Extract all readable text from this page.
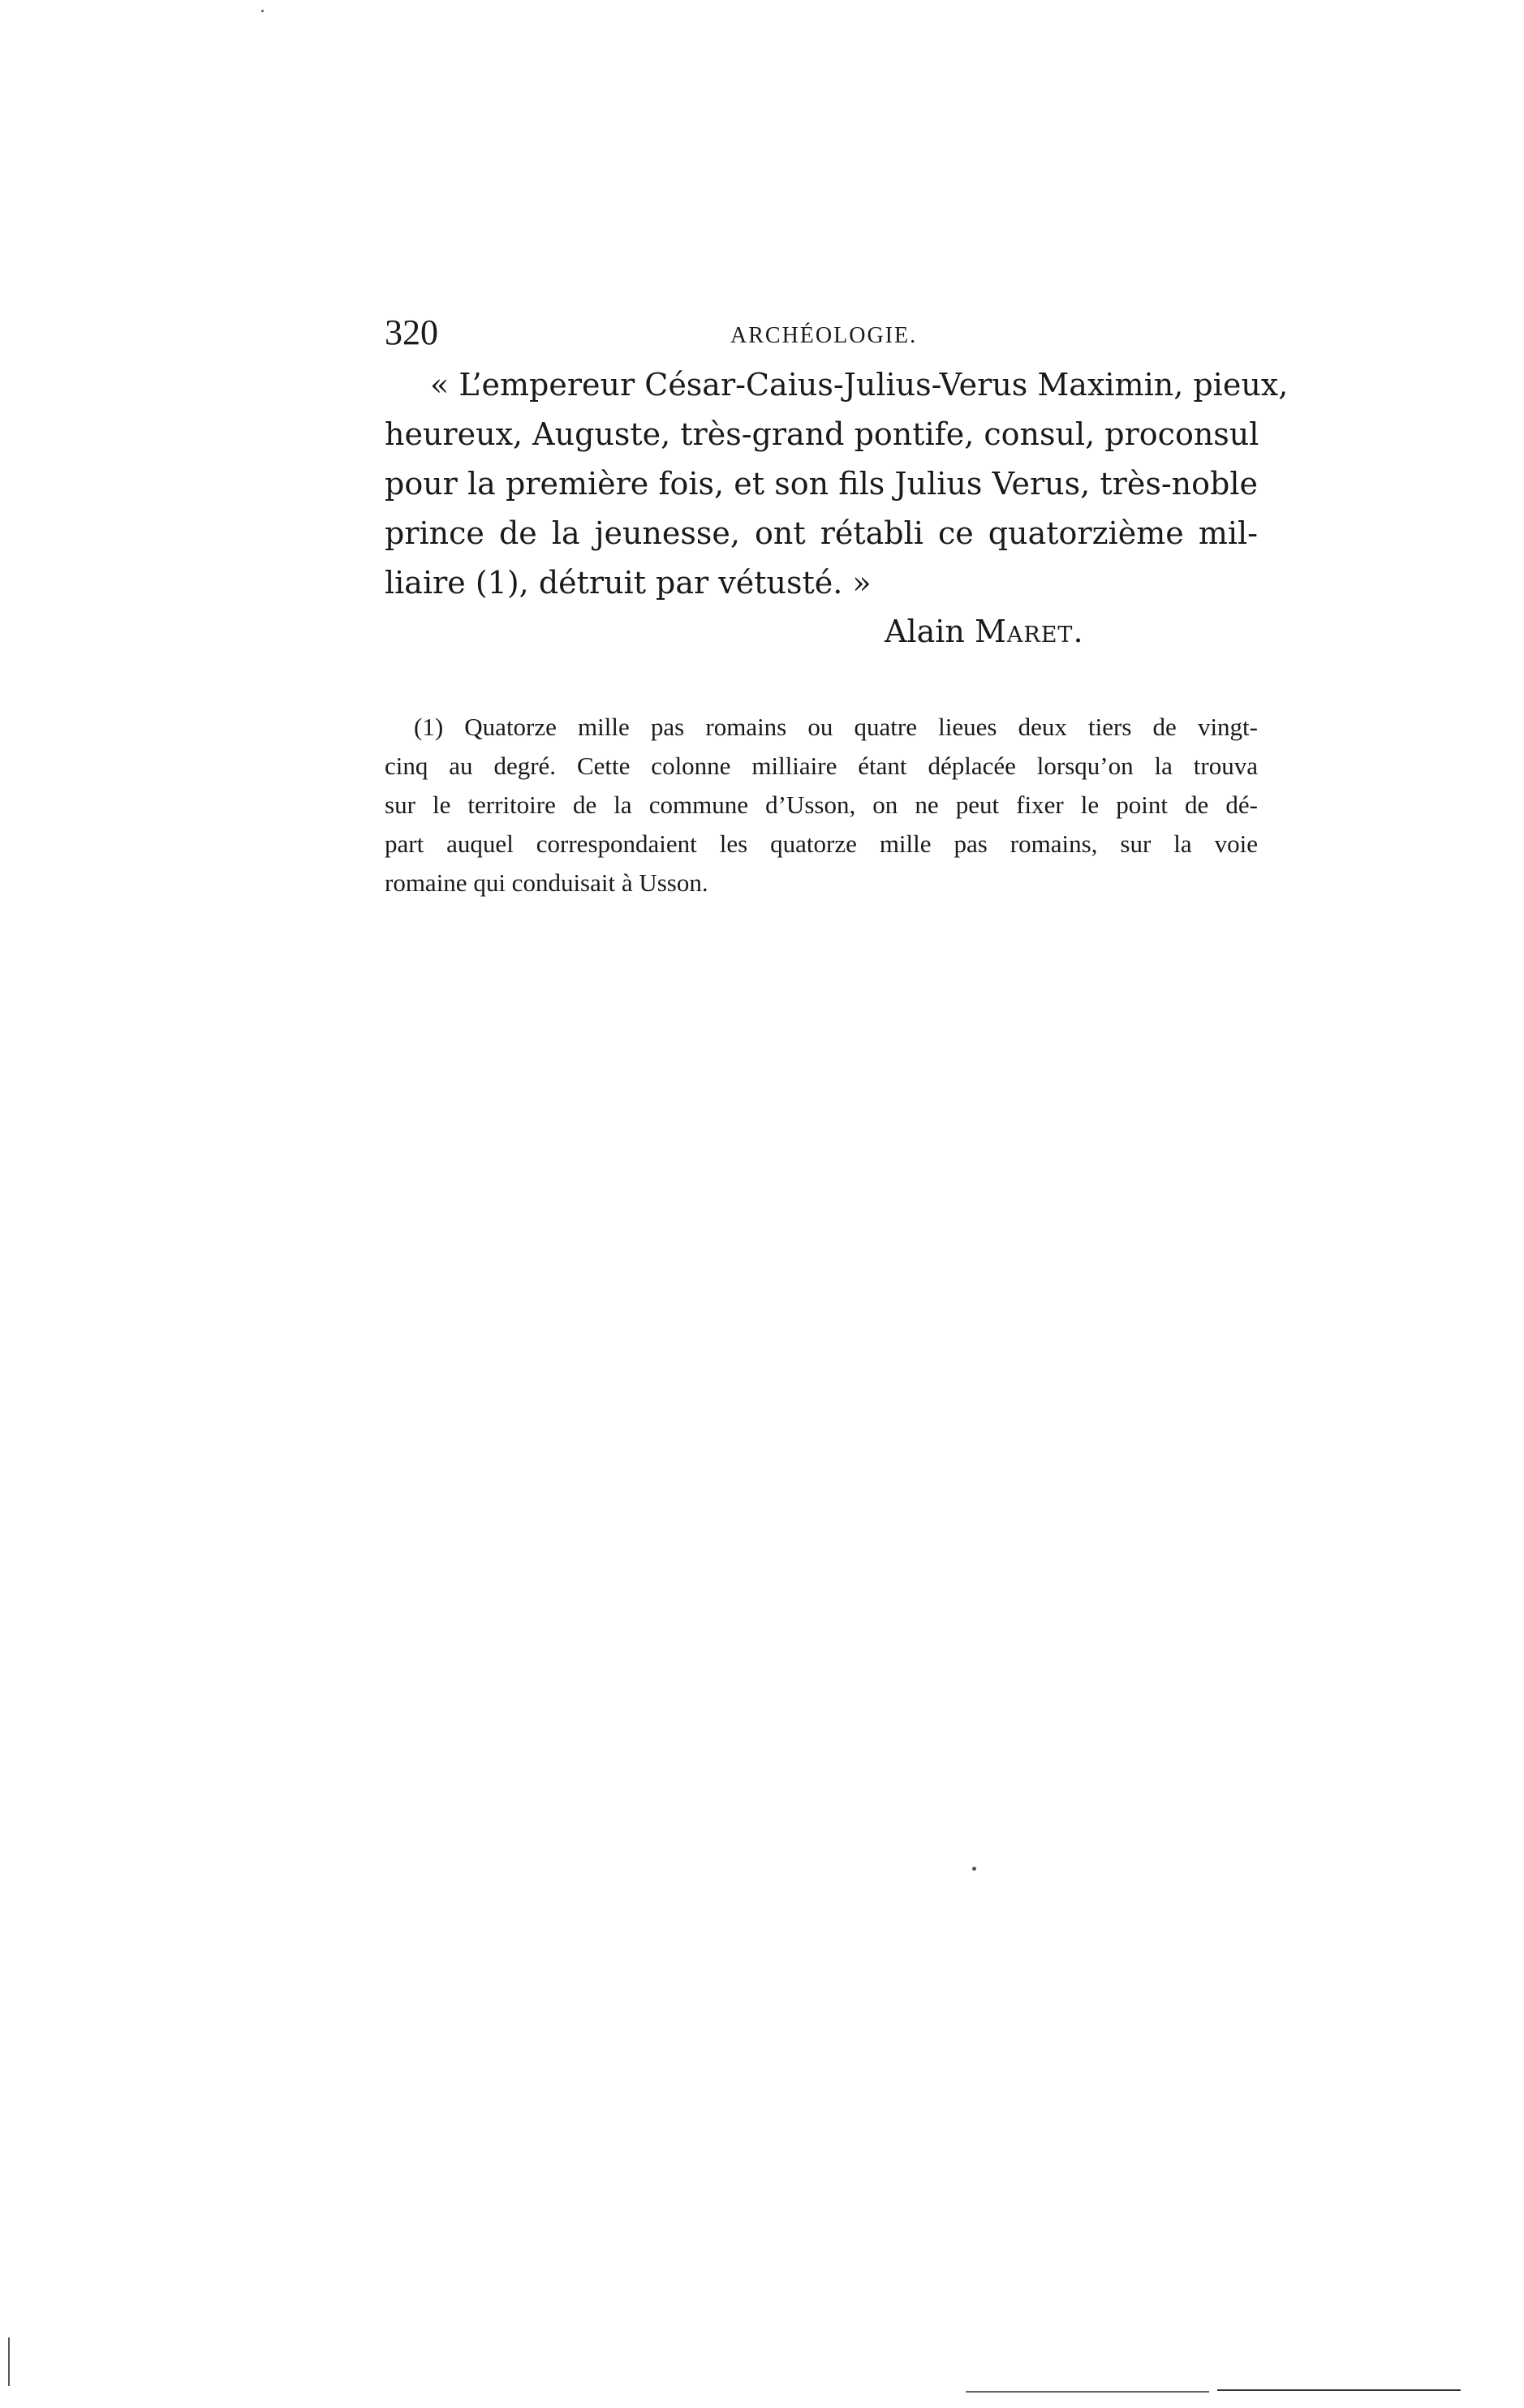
320	ARCHÉOLOGIE.
« L’empereur César-Caius-Julius-Verus Maximin, pieux,
heureux, Auguste, très-grand pontife, consul, proconsul
pour la première fois, et son fils Julius Verus, très-noble
prince de la jeunesse, ont rétabli ce quatorzième mil-
liaire (1), détruit par vétusté. »
Alain Maret.
(1) Quatorze mille pas romains ou quatre lieues deux tiers de vingt-
cinq au degré. Cette colonne milliaire étant déplacée lorsqu’on la trouva
sur le territoire de la commune d’Usson, on ne peut fixer le point de dé-
part auquel correspondaient les quatorze mille pas romains, sur la voie
romaine qui conduisait à Usson.
